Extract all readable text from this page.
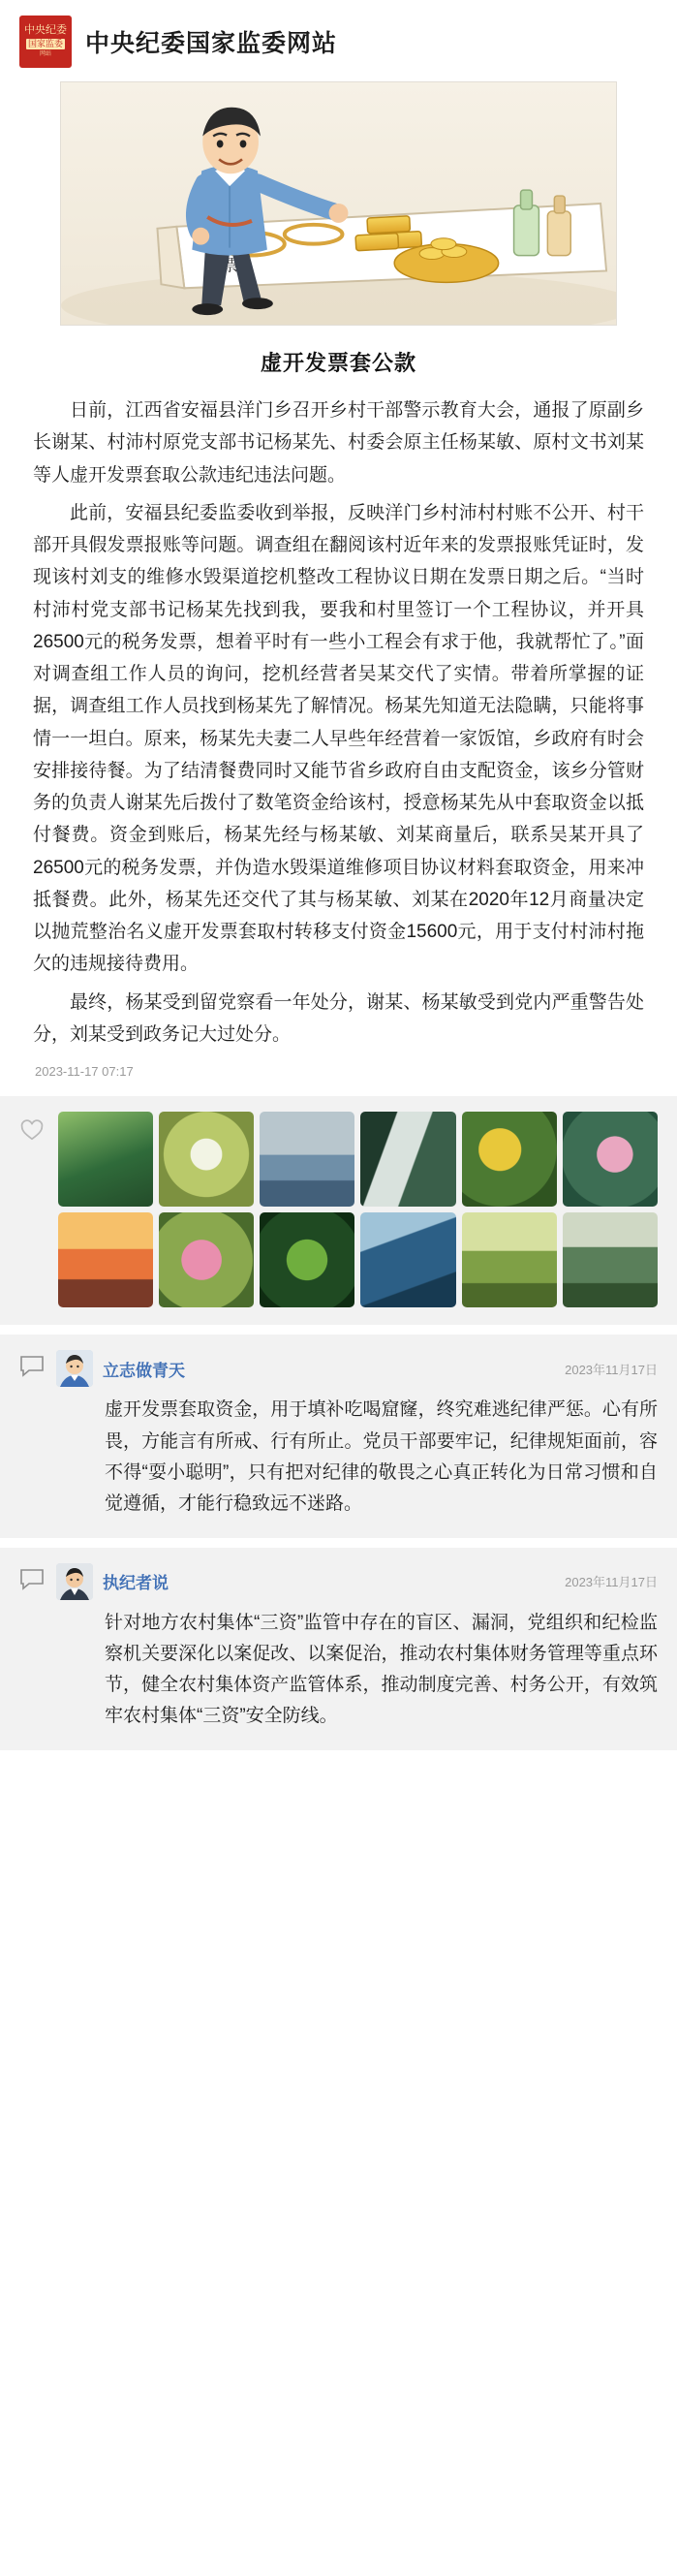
中央纪委
国家监委
网站 中央纪委国家监委网站
虚开发票套公款

日前，江西省安福县洋门乡召开乡村干部警示教育大会，通报了原副乡长谢某、村沛村原党支部书记杨某先、村委会原主任杨某敏、原村文书刘某等人虚开发票套取公款违纪违法问题。

此前，安福县纪委监委收到举报，反映洋门乡村沛村村账不公开、村干部开具假发票报账等问题。调查组在翻阅该村近年来的发票报账凭证时，发现该村刘支的维修水毁渠道挖机整改工程协议日期在发票日期之后。“当时村沛村党支部书记杨某先找到我，要我和村里签订一个工程协议，并开具26500元的税务发票，想着平时有一些小工程会有求于他，我就帮忙了。”面对调查组工作人员的询问，挖机经营者吴某交代了实情。带着所掌握的证据，调查组工作人员找到杨某先了解情况。杨某先知道无法隐瞒，只能将事情一一坦白。原来，杨某先夫妻二人早些年经营着一家饭馆，乡政府有时会安排接待餐。为了结清餐费同时又能节省乡政府自由支配资金，该乡分管财务的负责人谢某先后拨付了数笔资金给该村，授意杨某先从中套取资金以抵付餐费。资金到账后，杨某先经与杨某敏、刘某商量后，联系吴某开具了26500元的税务发票，并伪造水毁渠道维修项目协议材料套取资金，用来冲抵餐费。此外，杨某先还交代了其与杨某敏、刘某在2020年12月商量决定以抛荒整治名义虚开发票套取村转移支付资金15600元，用于支付村沛村拖欠的违规接待费用。

最终，杨某受到留党察看一年处分，谢某、杨某敏受到党内严重警告处分，刘某受到政务记大过处分。

2023-11-17 07:17
立志做青天	2023年11月17日
虚开发票套取资金，用于填补吃喝窟窿，终究难逃纪律严惩。心有所畏，方能言有所戒、行有所止。党员干部要牢记，纪律规矩面前，容不得“耍小聪明”，只有把对纪律的敬畏之心真正转化为日常习惯和自觉遵循，才能行稳致远不迷路。
执纪者说	2023年11月17日
针对地方农村集体“三资”监管中存在的盲区、漏洞，党组织和纪检监察机关要深化以案促改、以案促治，推动农村集体财务管理等重点环节，健全农村集体资产监管体系，推动制度完善、村务公开，有效筑牢农村集体“三资”安全防线。
